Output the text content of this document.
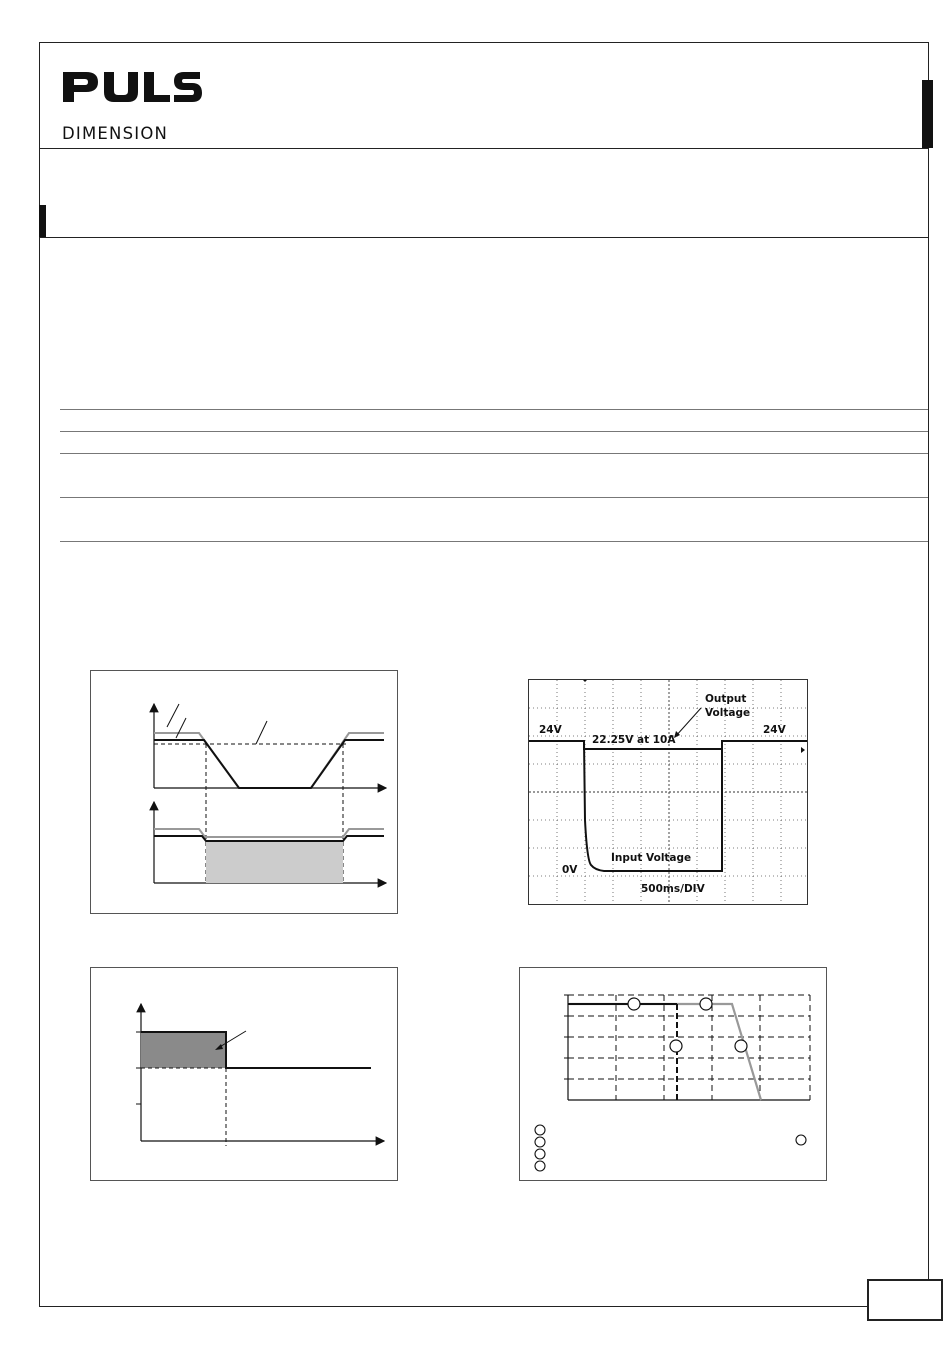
DIMENSION
24V	24V
Output
Voltage
22.25V at 10A
Input Voltage
0V
500ms/DIV
